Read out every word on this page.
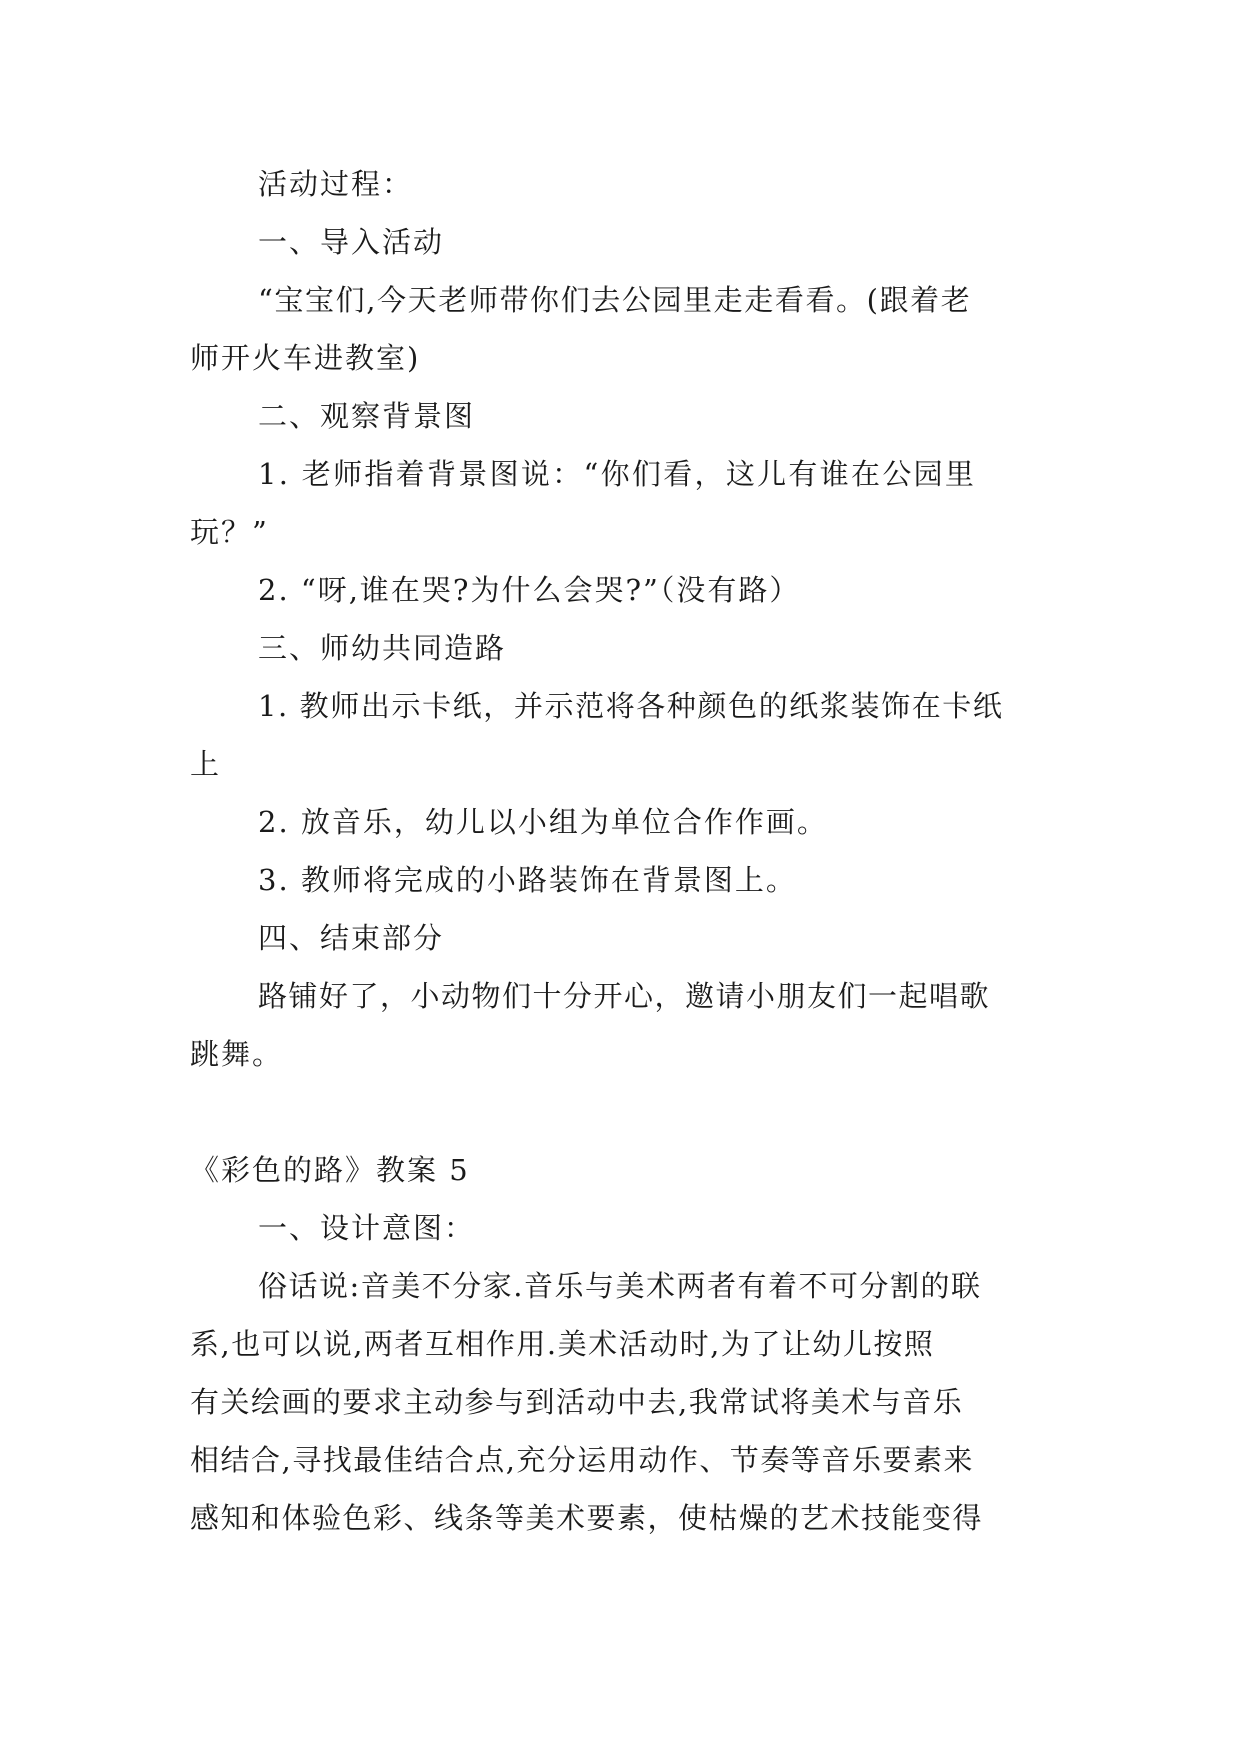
活动过程：
一、导入活动
“宝宝们,今天老师带你们去公园里走走看看。(跟着老
师开火车进教室)
二、观察背景图
1. 老师指着背景图说：“你们看，这儿有谁在公园里
玩？”
2. “呀,谁在哭?为什么会哭?”（没有路）
三、师幼共同造路
1. 教师出示卡纸，并示范将各种颜色的纸浆装饰在卡纸
上
2. 放音乐，幼儿以小组为单位合作作画。
3. 教师将完成的小路装饰在背景图上。
四、结束部分
路铺好了，小动物们十分开心，邀请小朋友们一起唱歌
跳舞。
《彩色的路》教案 5
一、设计意图：
俗话说:音美不分家.音乐与美术两者有着不可分割的联
系,也可以说,两者互相作用.美术活动时,为了让幼儿按照
有关绘画的要求主动参与到活动中去,我常试将美术与音乐
相结合,寻找最佳结合点,充分运用动作、节奏等音乐要素来
感知和体验色彩、线条等美术要素，使枯燥的艺术技能变得
